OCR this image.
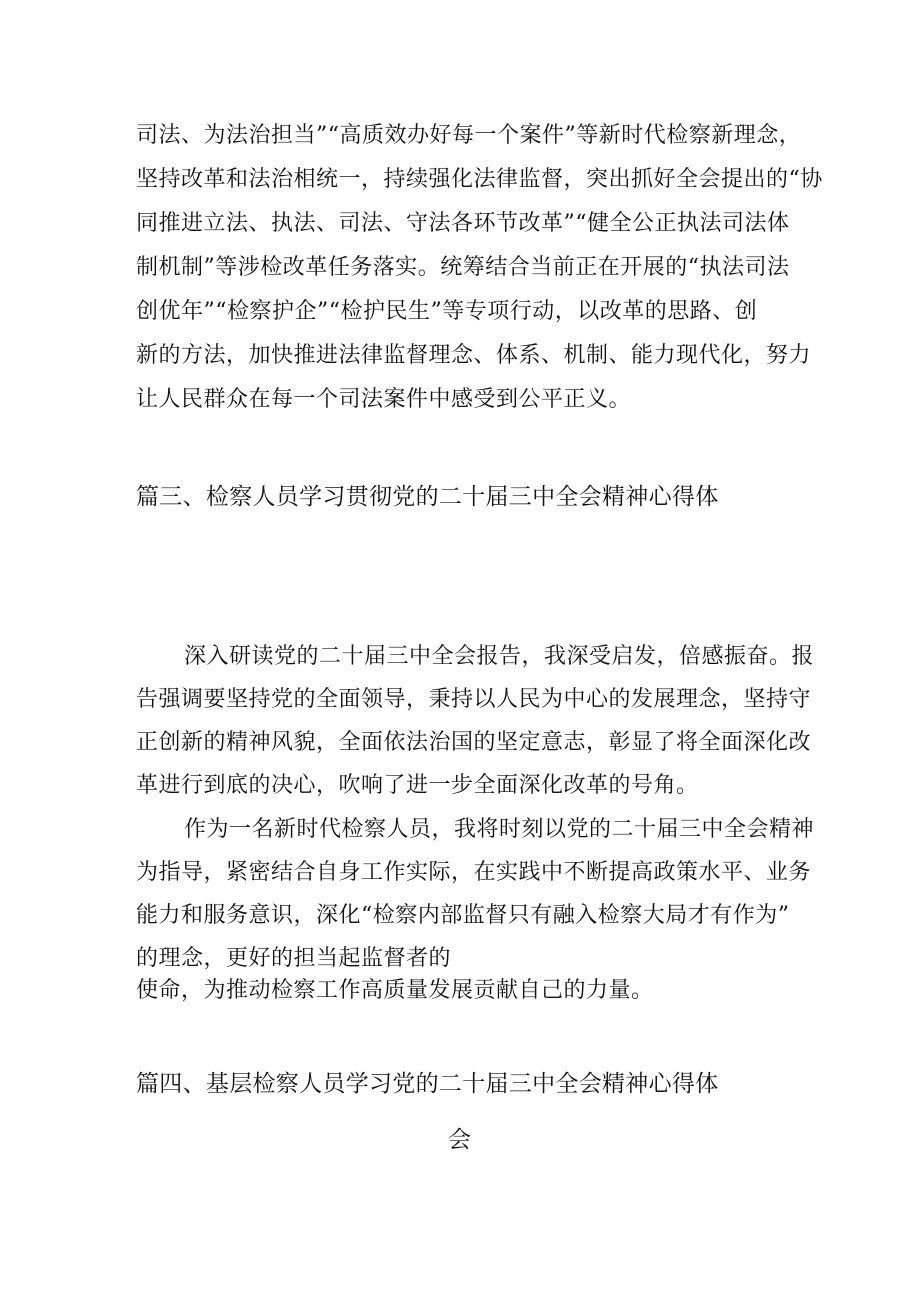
司法、为法治担当”“高质效办好每一个案件”等新时代检察新理念，
坚持改革和法治相统一，持续强化法律监督，突出抓好全会提出的“协
同推进立法、执法、司法、守法各环节改革”“健全公正执法司法体
制机制”等涉检改革任务落实。统筹结合当前正在开展的“执法司法
创优年”“检察护企”“检护民生”等专项行动，以改革的思路、创
新的方法，加快推进法律监督理念、体系、机制、能力现代化，努力
让人民群众在每一个司法案件中感受到公平正义。
篇三、检察人员学习贯彻党的二十届三中全会精神心得体
深入研读党的二十届三中全会报告，我深受启发，倍感振奋。报
告强调要坚持党的全面领导，秉持以人民为中心的发展理念，坚持守
正创新的精神风貌，全面依法治国的坚定意志，彰显了将全面深化改
革进行到底的决心，吹响了进一步全面深化改革的号角。
作为一名新时代检察人员，我将时刻以党的二十届三中全会精神
为指导，紧密结合自身工作实际，在实践中不断提高政策水平、业务
能力和服务意识，深化“检察内部监督只有融入检察大局才有作为”
的理念，更好的担当起监督者的
使命，为推动检察工作高质量发展贡献自己的力量。
篇四、基层检察人员学习党的二十届三中全会精神心得体
会
